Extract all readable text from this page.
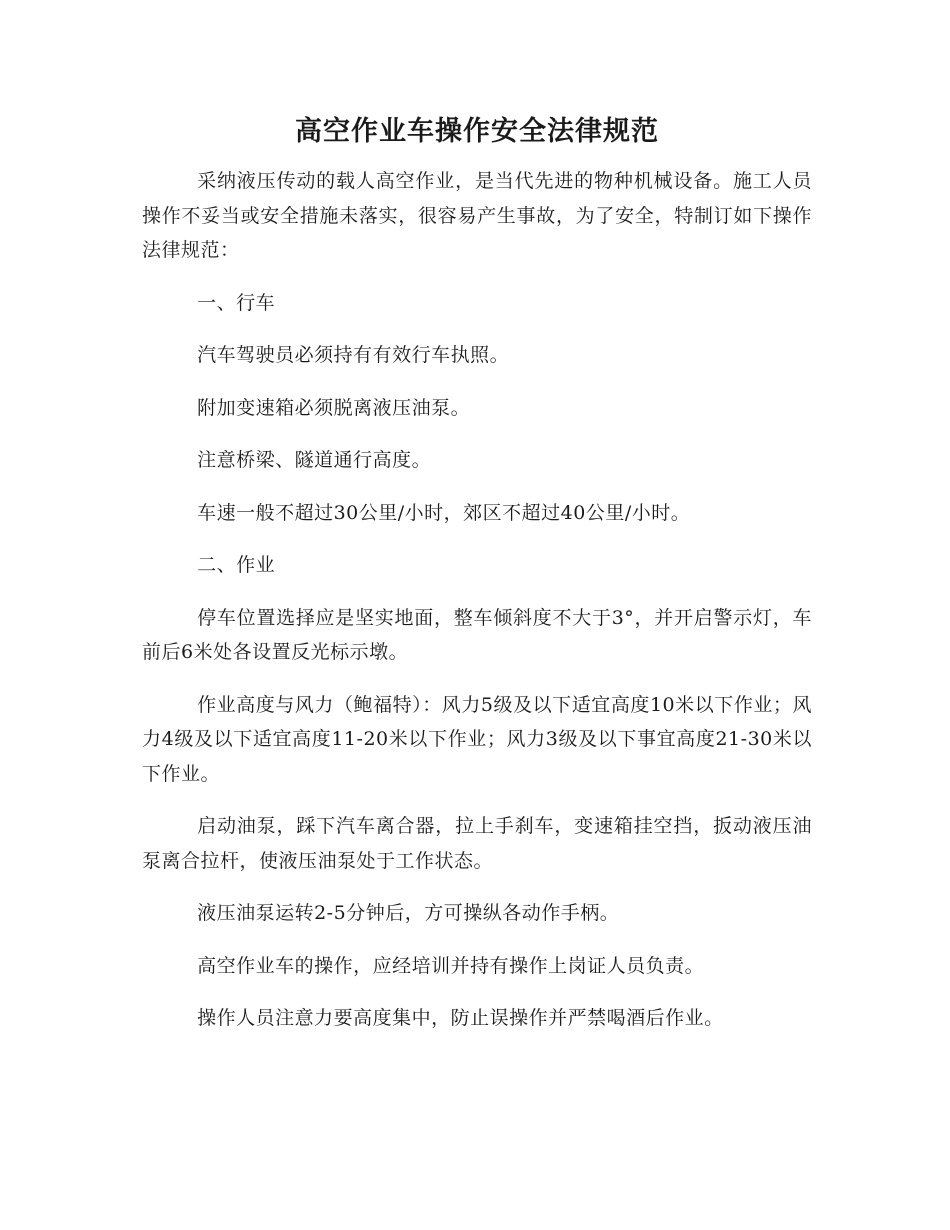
高空作业车操作安全法律规范

采纳液压传动的载人高空作业，是当代先进的物种机械设备。施工人员操作不妥当或安全措施未落实，很容易产生事故，为了安全，特制订如下操作法律规范：

一、行车

汽车驾驶员必须持有有效行车执照。

附加变速箱必须脱离液压油泵。

注意桥梁、隧道通行高度。

车速一般不超过30公里/小时，郊区不超过40公里/小时。

二、作业

停车位置选择应是坚实地面，整车倾斜度不大于3°，并开启警示灯，车前后6米处各设置反光标示墩。

作业高度与风力（鲍福特）：风力5级及以下适宜高度10米以下作业；风力4级及以下适宜高度11-20米以下作业；风力3级及以下事宜高度21-30米以下作业。

启动油泵，踩下汽车离合器，拉上手刹车，变速箱挂空挡，扳动液压油泵离合拉杆，使液压油泵处于工作状态。

液压油泵运转2-5分钟后，方可操纵各动作手柄。

高空作业车的操作，应经培训并持有操作上岗证人员负责。

操作人员注意力要高度集中，防止误操作并严禁喝酒后作业。
